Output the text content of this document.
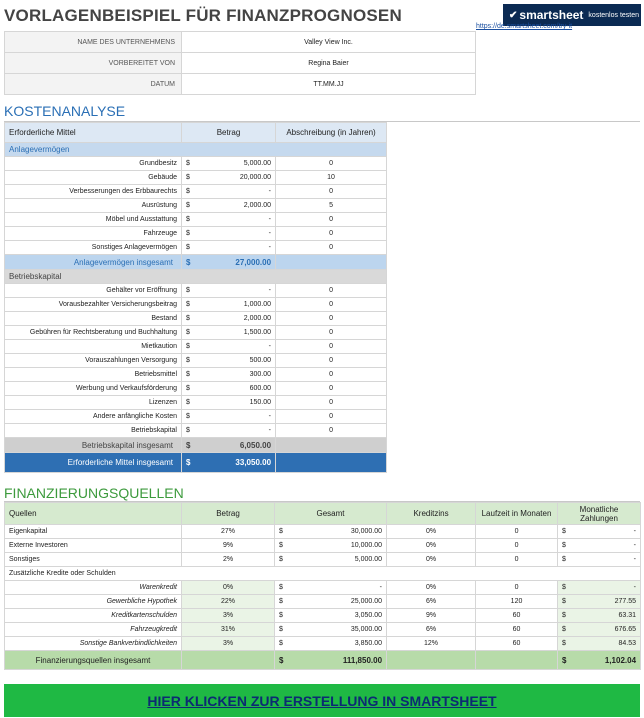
VORLAGENBEISPIEL FÜR FINANZPROGNOSEN	✔ smartsheet kostenlos testen
https://de.smartsheet.com/try-it
NAME DES UNTERNEHMENS	Valley View Inc.
VORBEREITET VON	Regina Baier
DATUM	TT.MM.JJ
KOSTENANALYSE
Erforderliche Mittel	Betrag		Abschreibung (in Jahren)
Anlagevermögen			
Grundbesitz	$	5,000.00	0
Gebäude	$	20,000.00	10
Verbesserungen des Erbbaurechts	$	-	0
Ausrüstung	$	2,000.00	5
Möbel und Ausstattung	$	-	0
Fahrzeuge	$	-	0
Sonstiges Anlagevermögen	$	-	0
Anlagevermögen insgesamt	$	27,000.00	
Betriebskapital			
Gehälter vor Eröffnung	$	-	0
Vorausbezahlter Versicherungsbeitrag	$	1,000.00	0
Bestand	$	2,000.00	0
Gebühren für Rechtsberatung und Buchhaltung	$	1,500.00	0
Mietkaution	$	-	0
Vorauszahlungen Versorgung	$	500.00	0
Betriebsmittel	$	300.00	0
Werbung und Verkaufsförderung	$	600.00	0
Lizenzen	$	150.00	0
Andere anfängliche Kosten	$	-	0
Betriebskapital	$	-	0
Betriebskapital insgesamt	$	6,050.00	
Erforderliche Mittel insgesamt	$	33,050.00	
FINANZIERUNGSQUELLEN
Quellen	Betrag	Gesamt		Kreditzins	Laufzeit in Monaten	Monatliche Zahlungen	
Eigenkapital	27%	$	30,000.00	0%	0	$	-
Externe Investoren	9%	$	10,000.00	0%	0	$	-
Sonstiges	2%	$	5,000.00	0%	0	$	-
Zusätzliche Kredite oder Schulden							
Warenkredit	0%	$	-	0%	0	$	-
Gewerbliche Hypothek	22%	$	25,000.00	6%	120	$	277.55
Kreditkartenschulden	3%	$	3,050.00	9%	60	$	63.31
Fahrzeugkredit	31%	$	35,000.00	6%	60	$	676.65
Sonstige Bankverbindlichkeiten	3%	$	3,850.00	12%	60	$	84.53
Finanzierungsquellen insgesamt		$	111,850.00			$	1,102.04
HIER KLICKEN ZUR ERSTELLUNG IN SMARTSHEET
